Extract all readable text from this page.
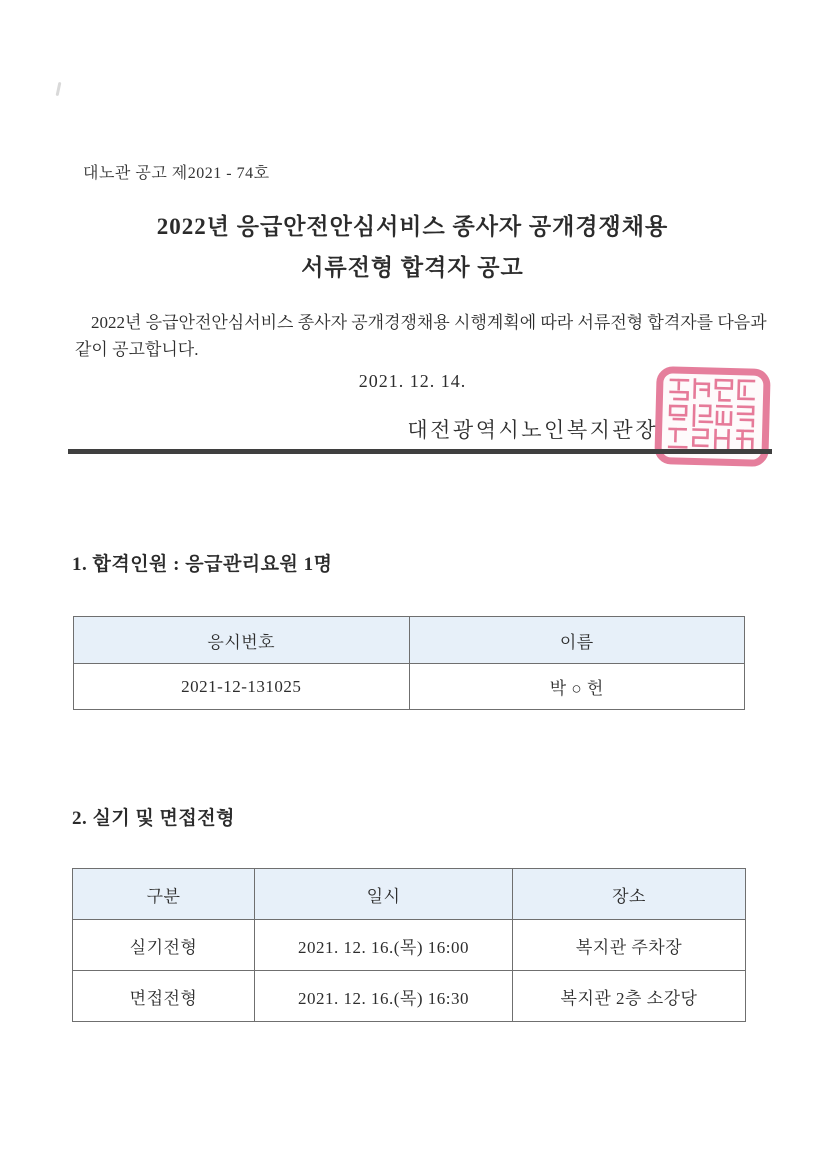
대노관 공고 제2021 - 74호
2022년 응급안전안심서비스 종사자 공개경쟁채용
서류전형 합격자 공고
2022년 응급안전안심서비스 종사자 공개경쟁채용 시행계획에 따라 서류전형 합격자를 다음과 같이 공고합니다.
2021. 12. 14.
대전광역시노인복지관장
1. 합격인원 : 응급관리요원 1명
응시번호	이름
2021-12-131025	박 ○ 헌
2. 실기 및 면접전형
구분	일시	장소
실기전형	2021. 12. 16.(목) 16:00	복지관 주차장
면접전형	2021. 12. 16.(목) 16:30	복지관 2층 소강당
